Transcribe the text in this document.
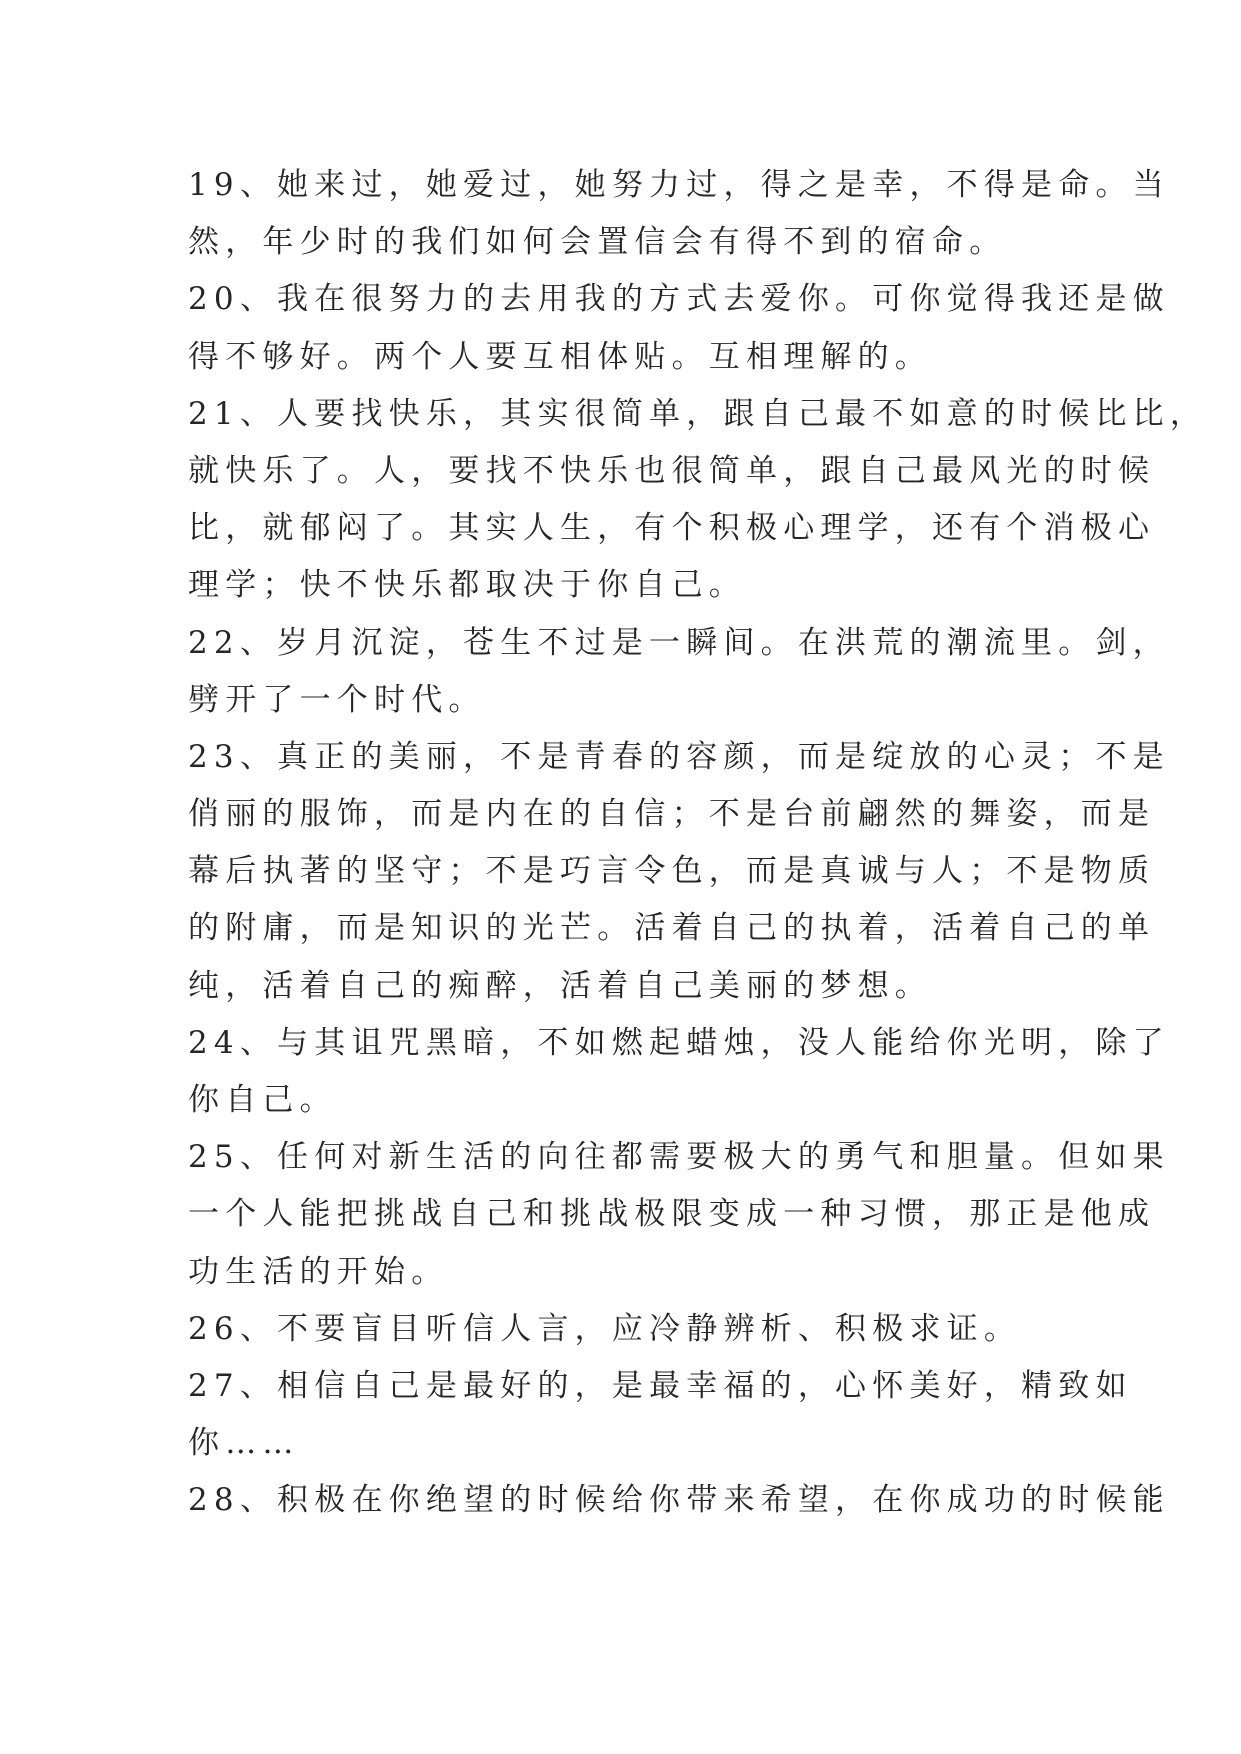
19、她来过，她爱过，她努力过，得之是幸，不得是命。当
然，年少时的我们如何会置信会有得不到的宿命。
20、我在很努力的去用我的方式去爱你。可你觉得我还是做
得不够好。两个人要互相体贴。互相理解的。
21、人要找快乐，其实很简单，跟自己最不如意的时候比比，
就快乐了。人，要找不快乐也很简单，跟自己最风光的时候
比，就郁闷了。其实人生，有个积极心理学，还有个消极心
理学；快不快乐都取决于你自己。
22、岁月沉淀，苍生不过是一瞬间。在洪荒的潮流里。剑，
劈开了一个时代。
23、真正的美丽，不是青春的容颜，而是绽放的心灵；不是
俏丽的服饰，而是内在的自信；不是台前翩然的舞姿，而是
幕后执著的坚守；不是巧言令色，而是真诚与人；不是物质
的附庸，而是知识的光芒。活着自己的执着，活着自己的单
纯，活着自己的痴醉，活着自己美丽的梦想。
24、与其诅咒黑暗，不如燃起蜡烛，没人能给你光明，除了
你自己。
25、任何对新生活的向往都需要极大的勇气和胆量。但如果
一个人能把挑战自己和挑战极限变成一种习惯，那正是他成
功生活的开始。
26、不要盲目听信人言，应冷静辨析、积极求证。
27、相信自己是最好的，是最幸福的，心怀美好，精致如
你……
28、积极在你绝望的时候给你带来希望，在你成功的时候能
